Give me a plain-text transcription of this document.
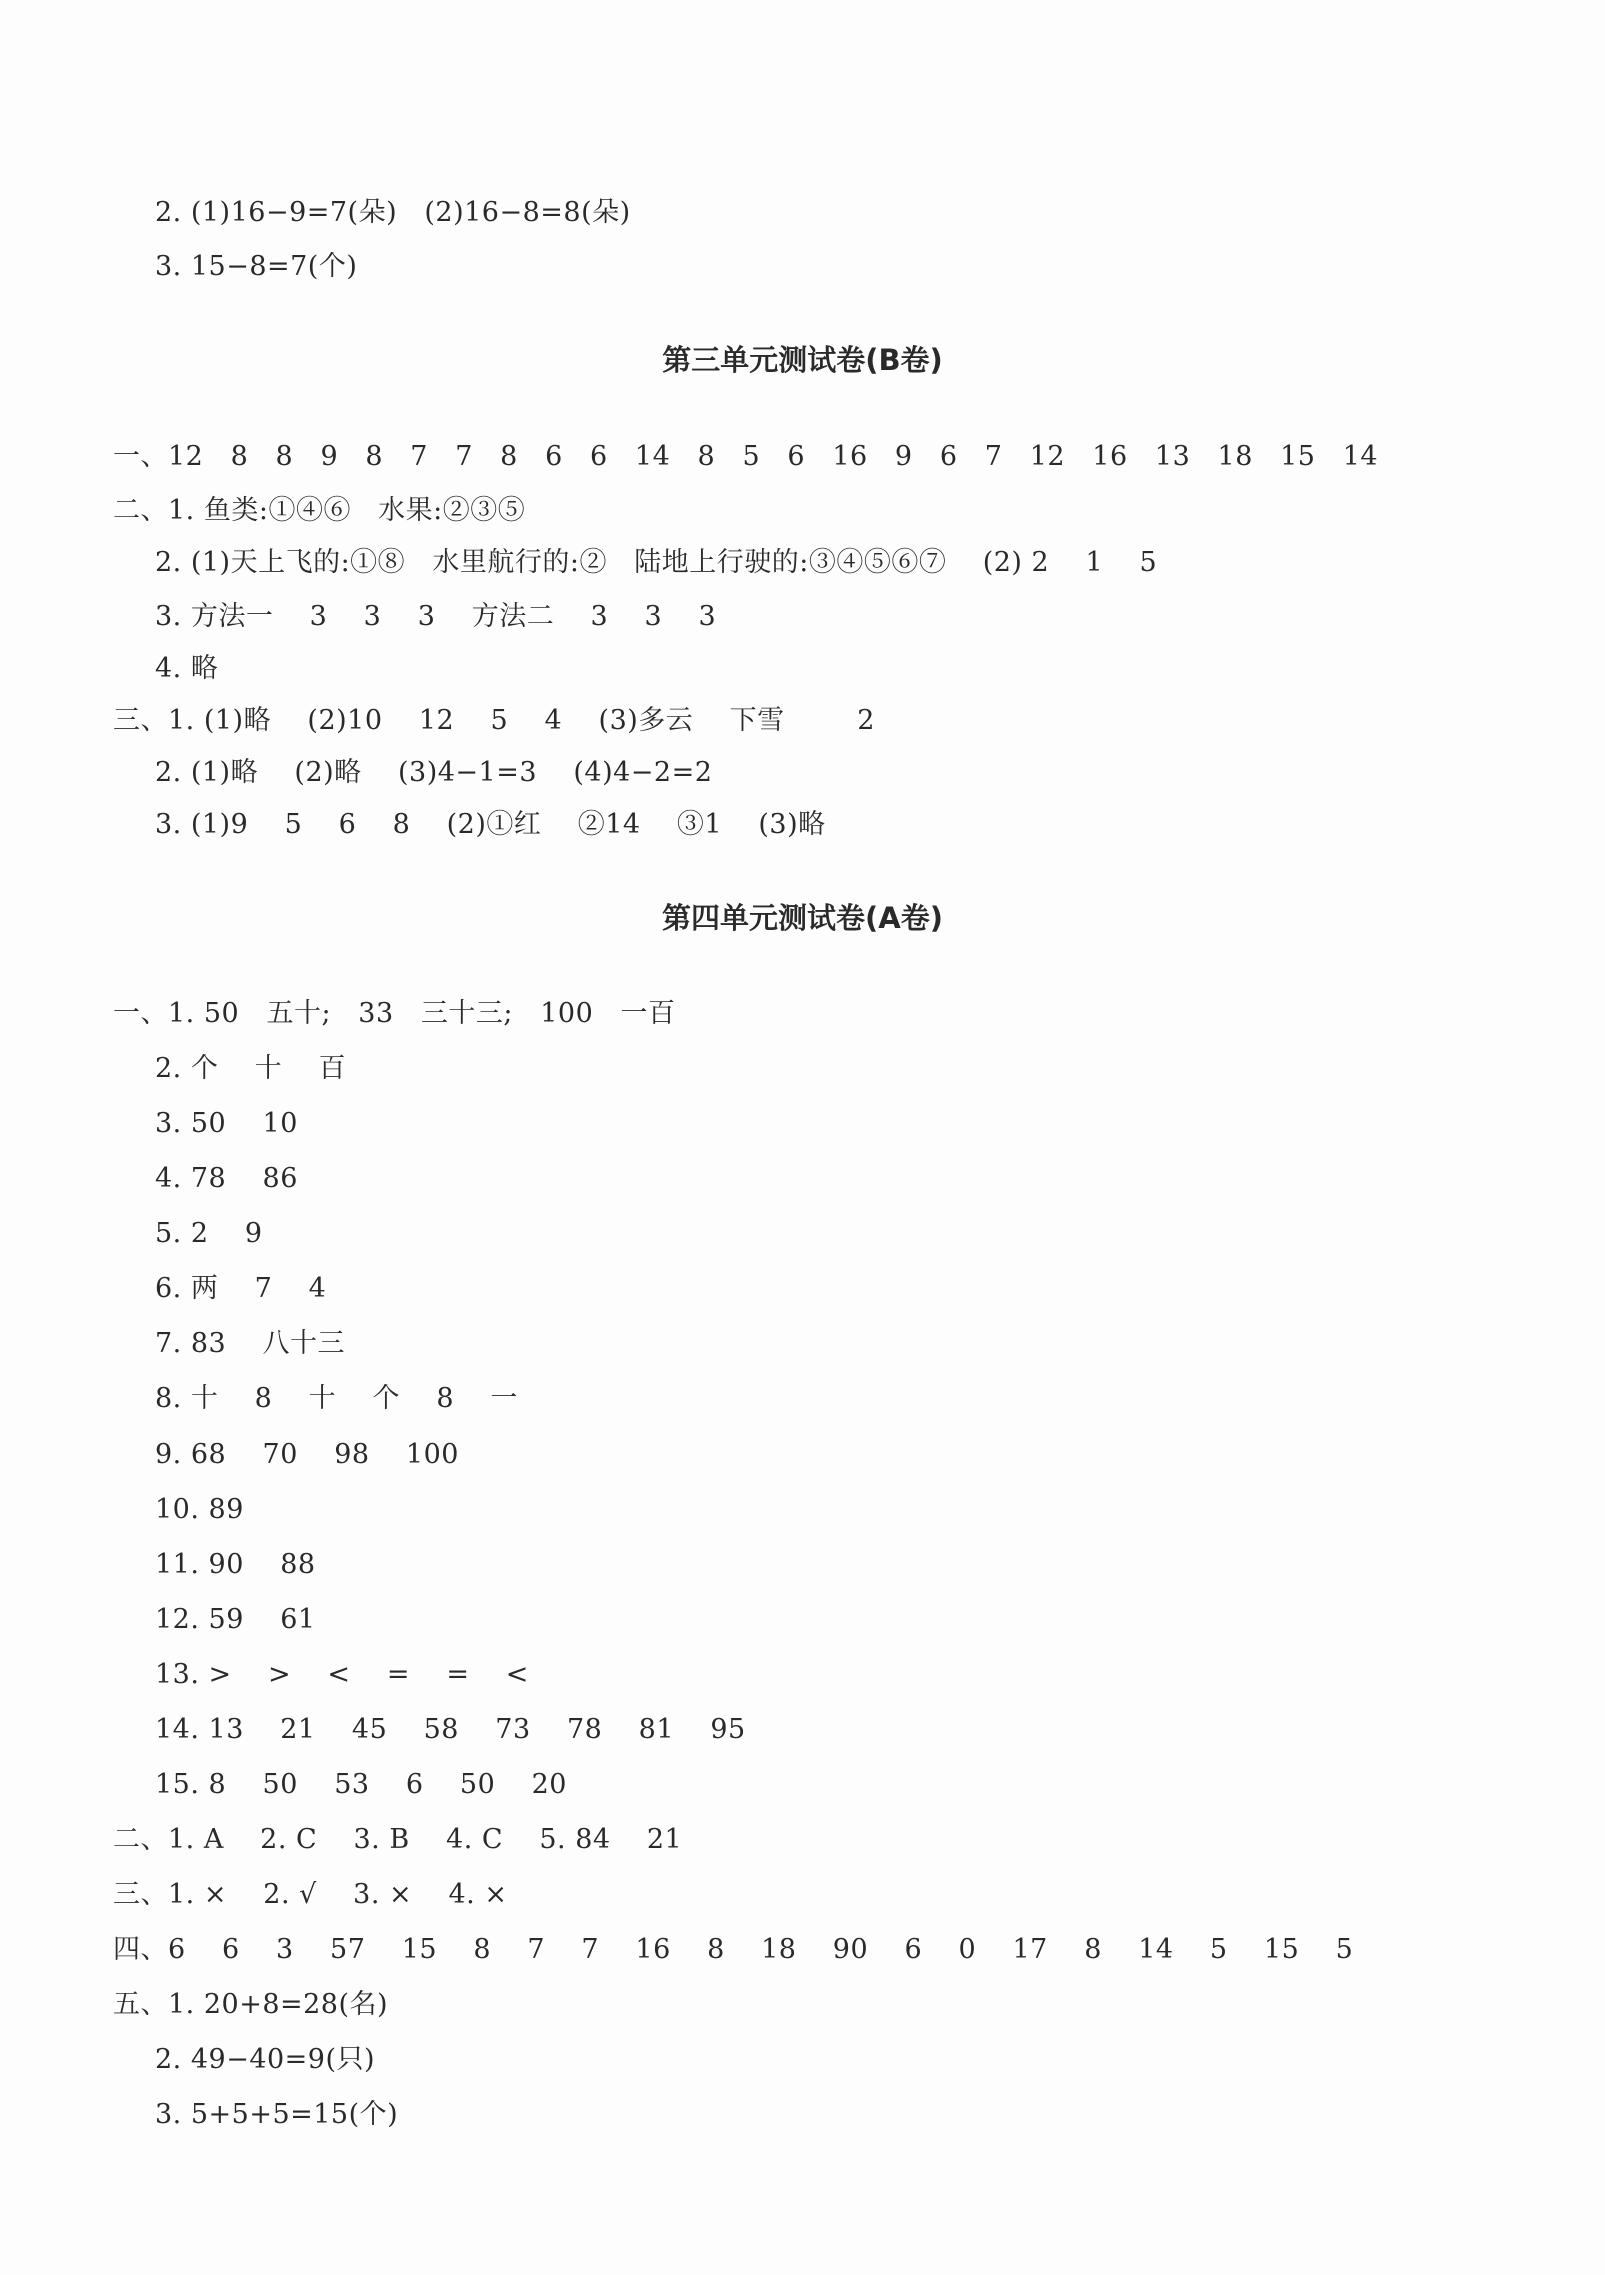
2. (1)16−9=7(朵)   (2)16−8=8(朵)
3. 15−8=7(个)
第三单元测试卷(B卷)
一、12   8   8   9   8   7   7   8   6   6   14   8   5   6   16   9   6   7   12   16   13   18   15   14
二、1. 鱼类:①④⑥   水果:②③⑤
2. (1)天上飞的:①⑧   水里航行的:②   陆地上行驶的:③④⑤⑥⑦    (2) 2    1    5
3. 方法一    3    3    3    方法二    3    3    3
4. 略
三、1. (1)略    (2)10    12    5    4    (3)多云    下雪        2
2. (1)略    (2)略    (3)4−1=3    (4)4−2=2
3. (1)9    5    6    8    (2)①红    ②14    ③1    (3)略
第四单元测试卷(A卷)
一、1. 50   五十;   33   三十三;   100   一百
2. 个    十    百
3. 50    10
4. 78    86
5. 2    9
6. 两    7    4
7. 83    八十三
8. 十    8    十    个    8    一
9. 68    70    98    100
10. 89
11. 90    88
12. 59    61
13. >    >    <    =    =    <
14. 13    21    45    58    73    78    81    95
15. 8    50    53    6    50    20
二、1. A    2. C    3. B    4. C    5. 84    21
三、1. ×    2. √    3. ×    4. ×
四、6    6    3    57    15    8    7    7    16    8    18    90    6    0    17    8    14    5    15    5
五、1. 20+8=28(名)
2. 49−40=9(只)
3. 5+5+5=15(个)
